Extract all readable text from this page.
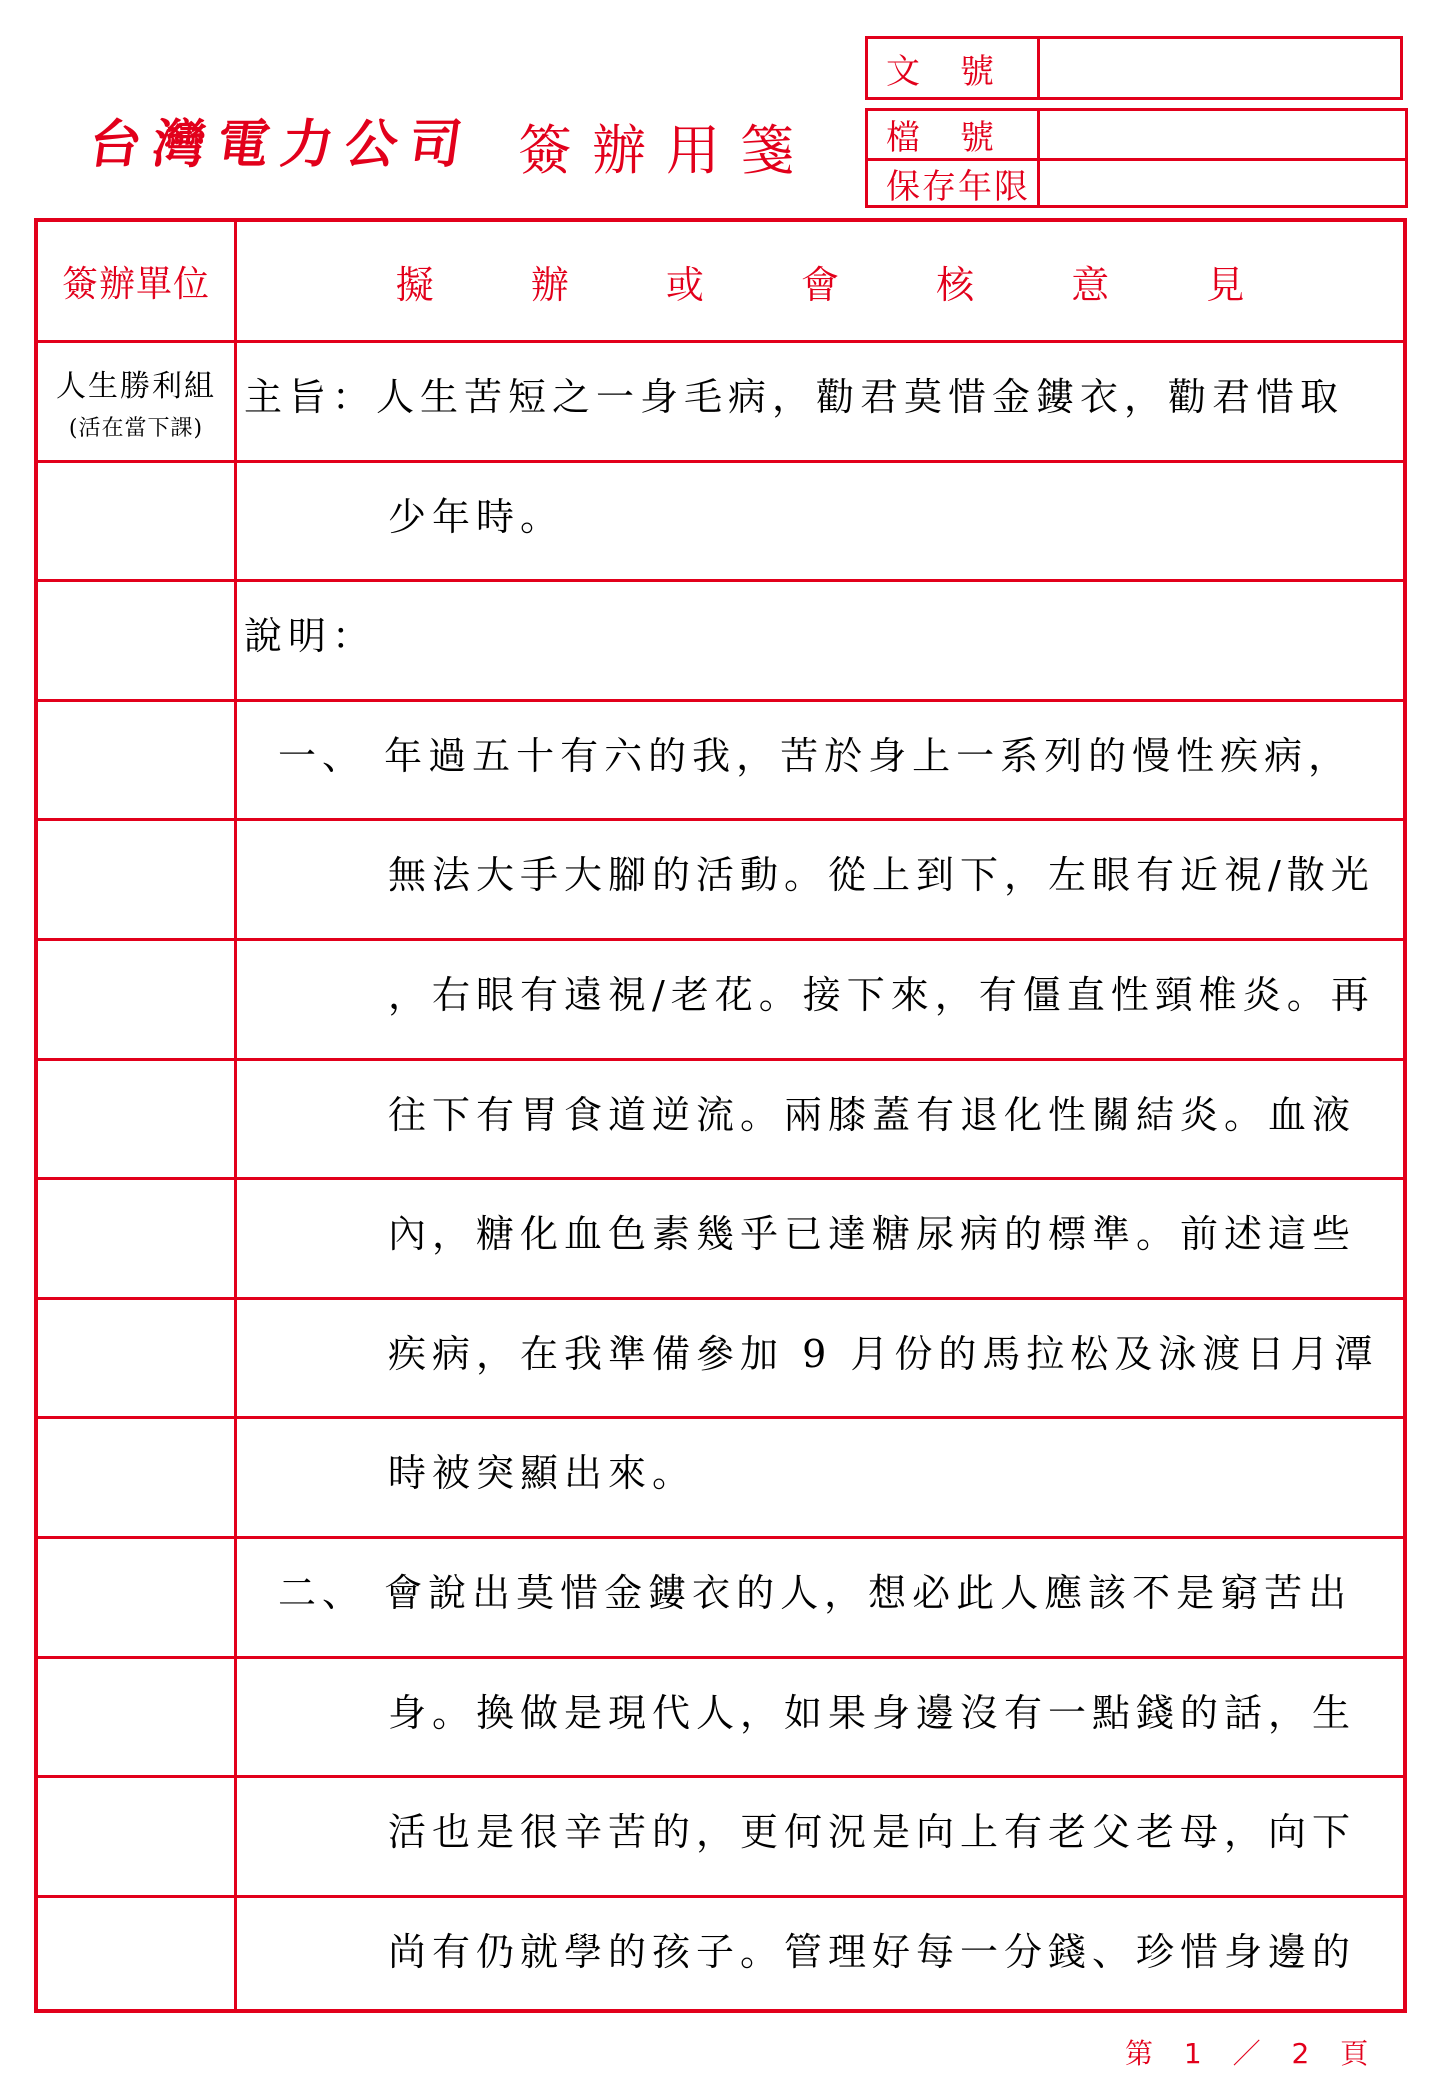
台灣電力公司 簽辦用箋
文號
檔號
保存年限
簽辦單位	擬	辦	或	會	核	意	見
人生勝利組
(活在當下課)
主旨：人生苦短之一身毛病，勸君莫惜金鏤衣，勸君惜取
少年時。
說明：
一、 年過五十有六的我，苦於身上一系列的慢性疾病，
無法大手大腳的活動。從上到下，左眼有近視/散光
，右眼有遠視/老花。接下來，有僵直性頸椎炎。再
往下有胃食道逆流。兩膝蓋有退化性關結炎。血液
內，糖化血色素幾乎已達糖尿病的標準。前述這些
疾病，在我準備參加 9 月份的馬拉松及泳渡日月潭
時被突顯出來。
二、 會說出莫惜金鏤衣的人，想必此人應該不是窮苦出
身。換做是現代人，如果身邊沒有一點錢的話，生
活也是很辛苦的，更何況是向上有老父老母，向下
尚有仍就學的孩子。管理好每一分錢、珍惜身邊的
第 1 ／ 2 頁
